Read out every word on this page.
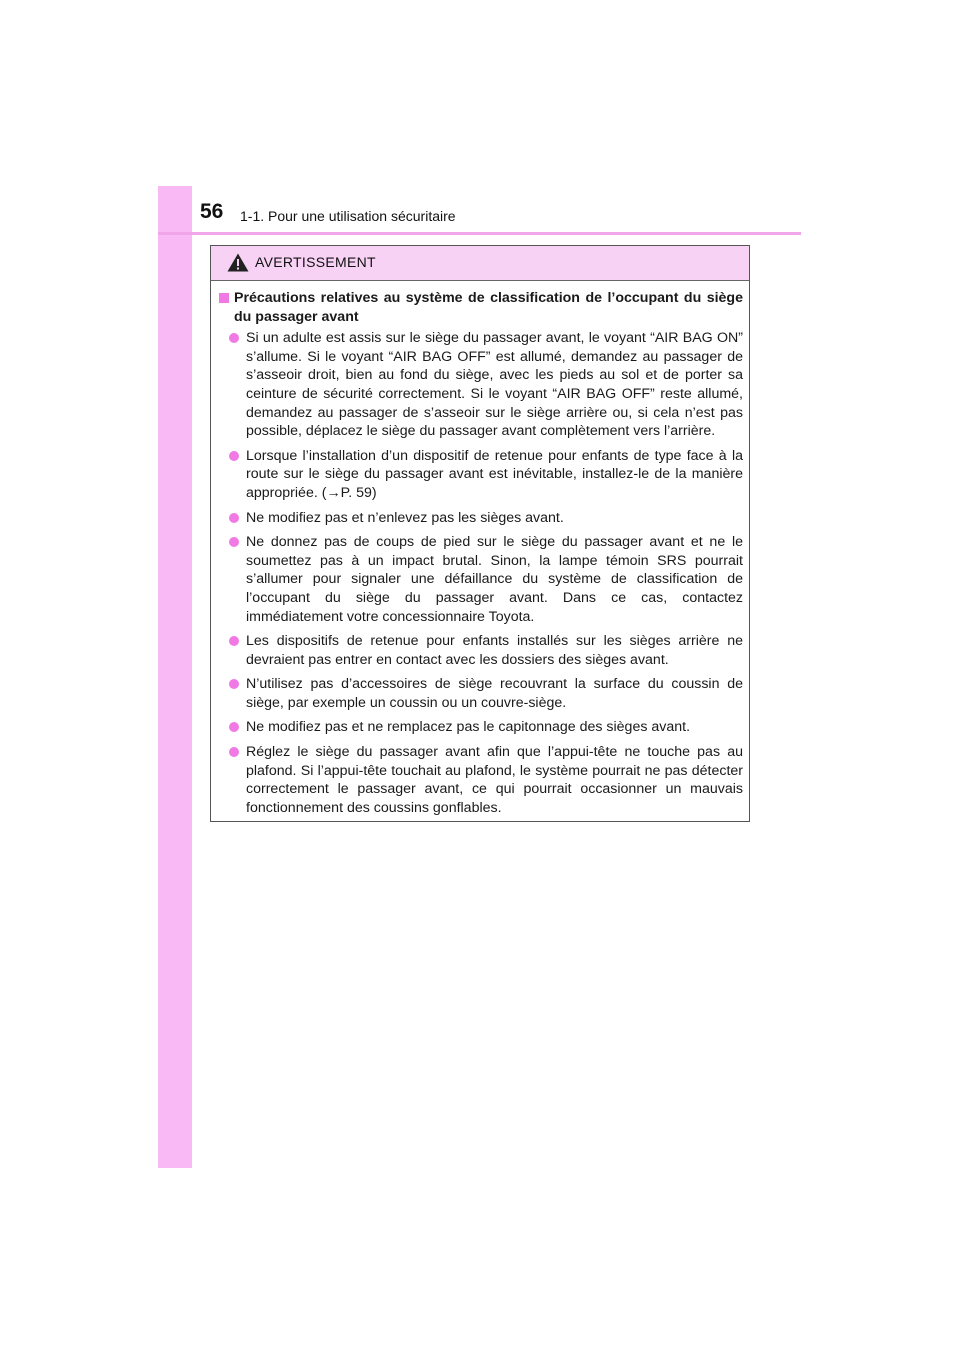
56 1-1. Pour une utilisation sécuritaire
AVERTISSEMENT
Précautions relatives au système de classification de l’occupant du siège du passager avant
Si un adulte est assis sur le siège du passager avant, le voyant “AIR BAG ON” s’allume. Si le voyant “AIR BAG OFF” est allumé, demandez au passager de s’asseoir droit, bien au fond du siège, avec les pieds au sol et de porter sa ceinture de sécurité correctement. Si le voyant “AIR BAG OFF” reste allumé, demandez au passager de s’asseoir sur le siège arrière ou, si cela n’est pas possible, déplacez le siège du passager avant complètement vers l’arrière.
Lorsque l’installation d’un dispositif de retenue pour enfants de type face à la route sur le siège du passager avant est inévitable, installez-le de la manière appropriée. (→P. 59)
Ne modifiez pas et n’enlevez pas les sièges avant.
Ne donnez pas de coups de pied sur le siège du passager avant et ne le soumettez pas à un impact brutal. Sinon, la lampe témoin SRS pourrait s’allumer pour signaler une défaillance du système de classification de l’occupant du siège du passager avant. Dans ce cas, contactez immédiatement votre concessionnaire Toyota.
Les dispositifs de retenue pour enfants installés sur les sièges arrière ne devraient pas entrer en contact avec les dossiers des sièges avant.
N’utilisez pas d’accessoires de siège recouvrant la surface du coussin de siège, par exemple un coussin ou un couvre-siège.
Ne modifiez pas et ne remplacez pas le capitonnage des sièges avant.
Réglez le siège du passager avant afin que l’appui-tête ne touche pas au plafond. Si l’appui-tête touchait au plafond, le système pourrait ne pas détecter correctement le passager avant, ce qui pourrait occasionner un mauvais fonctionnement des coussins gonflables.
